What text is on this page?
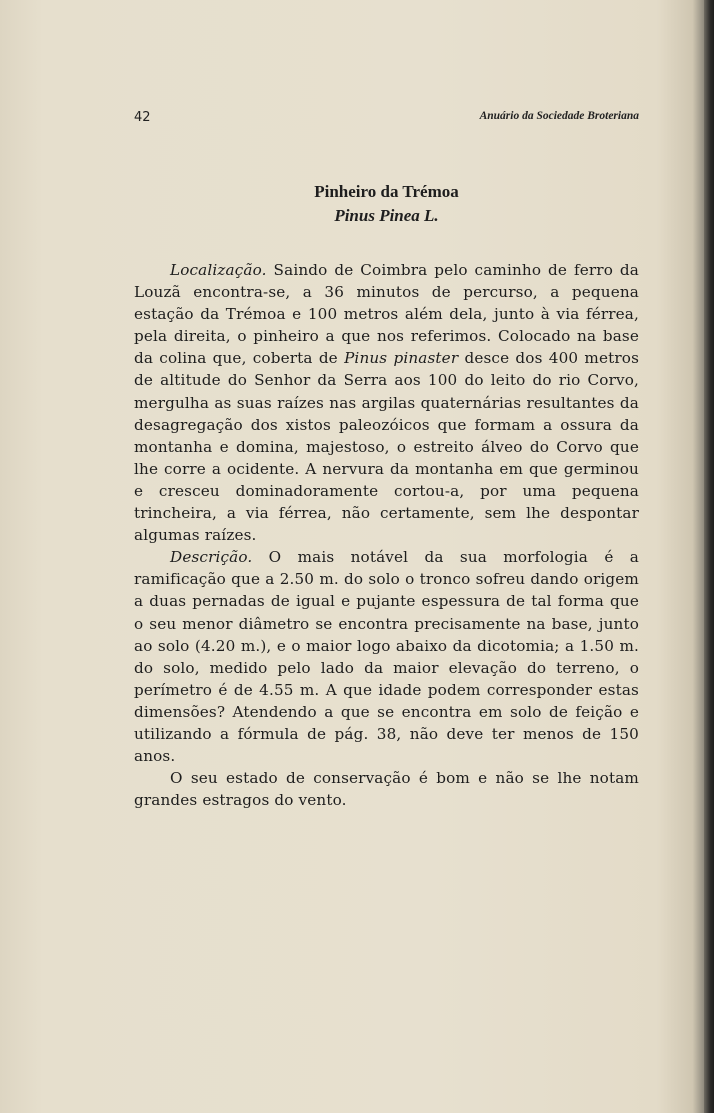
42	Anuário da Sociedade Broteriana
Pinheiro da Trémoa
Pinus Pinea L.

Localização. Saindo de Coimbra pelo caminho de ferro da Louzã encontra-se, a 36 minutos de percurso, a pequena estação da Trémoa e 100 metros além dela, junto à via férrea, pela direita, o pinheiro a que nos referimos. Colocado na base da colina que, coberta de Pinus pinaster desce dos 400 metros de altitude do Senhor da Serra aos 100 do leito do rio Corvo, mergulha as suas raízes nas argilas quaternárias resultantes da desagregação dos xistos paleozóicos que formam a ossura da montanha e domina, majestoso, o estreito álveo do Corvo que lhe corre a ocidente. A nervura da montanha em que germinou e cresceu dominadoramente cortou-a, por uma pequena trincheira, a via férrea, não certamente, sem lhe despontar algumas raízes.

Descrição. O mais notável da sua morfologia é a ramificação que a 2.50 m. do solo o tronco sofreu dando origem a duas pernadas de igual e pujante espessura de tal forma que o seu menor diâmetro se encontra precisamente na base, junto ao solo (4.20 m.), e o maior logo abaixo da dicotomia; a 1.50 m. do solo, medido pelo lado da maior elevação do terreno, o perímetro é de 4.55 m. A que idade podem corresponder estas dimensões? Atendendo a que se encontra em solo de feição e utilizando a fórmula de pág. 38, não deve ter menos de 150 anos.

O seu estado de conservação é bom e não se lhe notam grandes estragos do vento.
